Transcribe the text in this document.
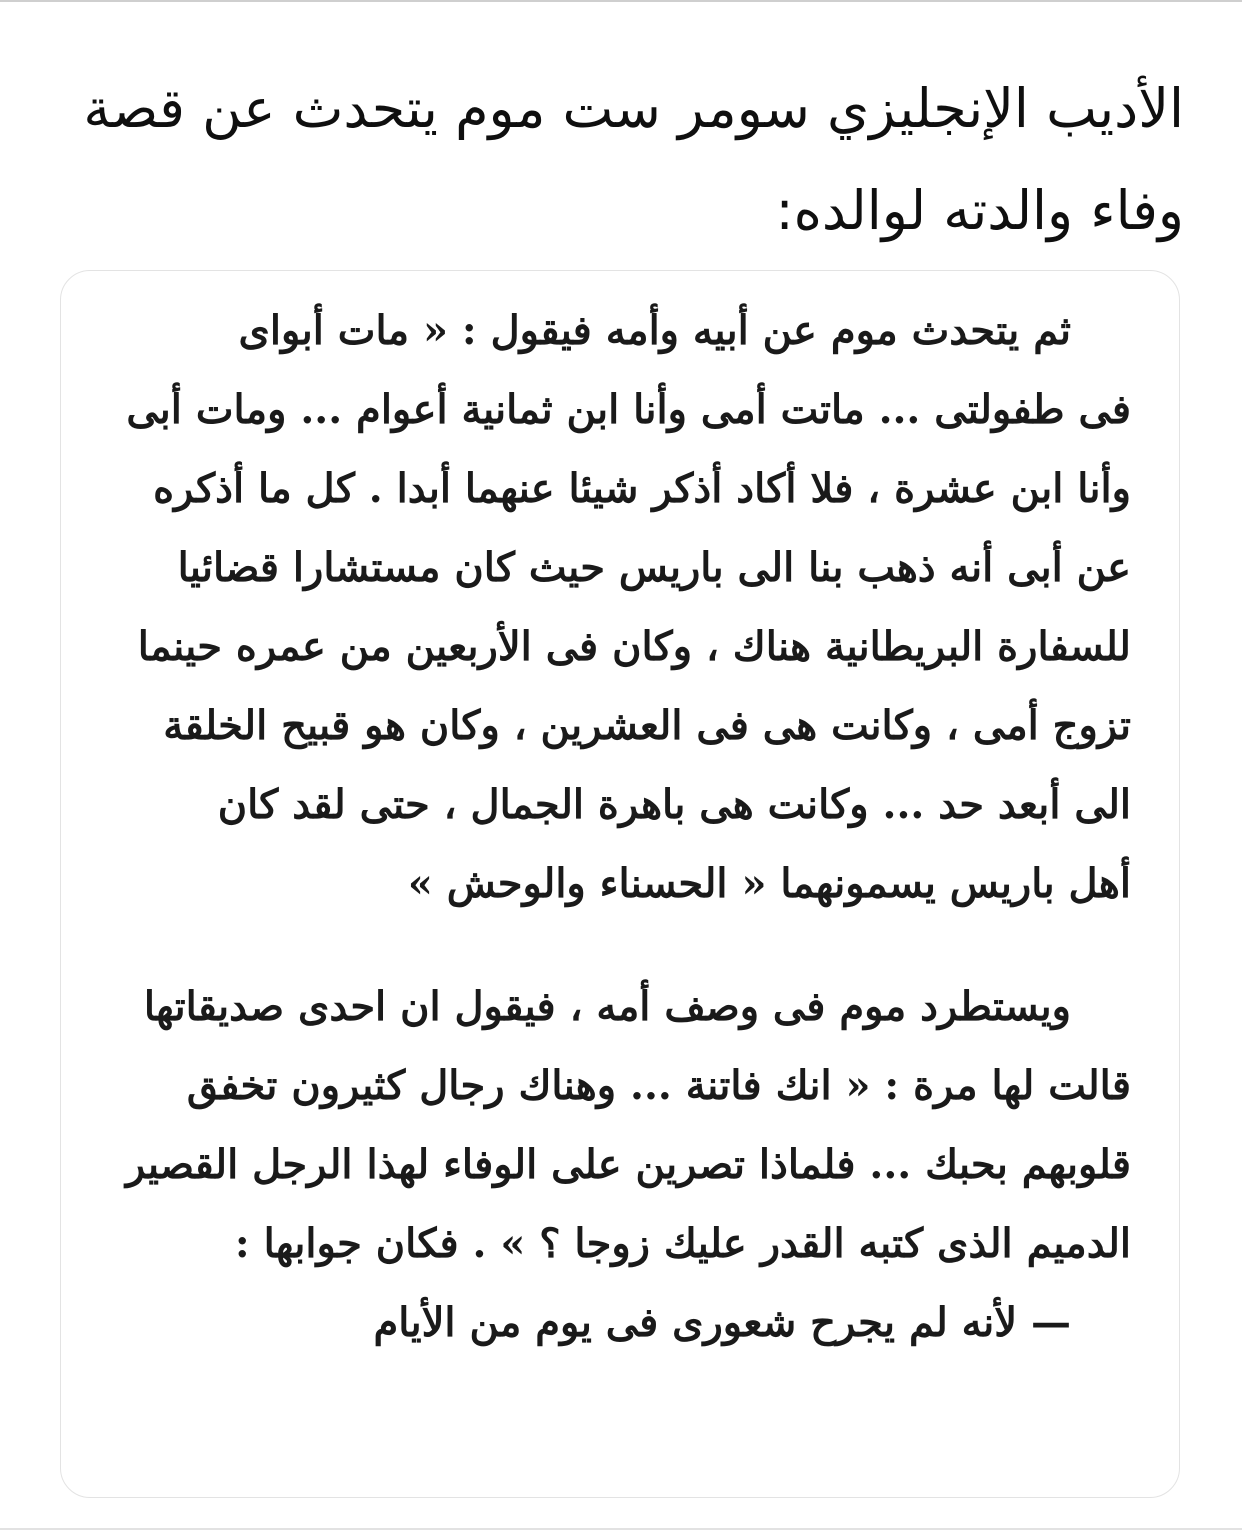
الأديب الإنجليزي سومر ست موم يتحدث عن قصة
وفاء والدته لوالده:
ثم يتحدث موم عن أبيه وأمه فيقول : « مات أبواى
فى طفولتى ... ماتت أمى وأنا ابن ثمانية أعوام ... ومات أبى
وأنا ابن عشرة ، فلا أكاد أذكر شيئا عنهما أبدا . كل ما أذكره
عن أبى أنه ذهب بنا الى باريس حيث كان مستشارا قضائيا
للسفارة البريطانية هناك ، وكان فى الأربعين من عمره حينما
تزوج أمى ، وكانت هى فى العشرين ، وكان هو قبيح الخلقة
الى أبعد حد ... وكانت هى باهرة الجمال ، حتى لقد كان
أهل باريس يسمونهما « الحسناء والوحش »
ويستطرد موم فى وصف أمه ، فيقول ان احدى صديقاتها
قالت لها مرة : « انك فاتنة ... وهناك رجال كثيرون تخفق
قلوبهم بحبك ... فلماذا تصرين على الوفاء لهذا الرجل القصير
الدميم الذى كتبه القدر عليك زوجا ؟ » . فكان جوابها :
— لأنه لم يجرح شعورى فى يوم من الأيام
